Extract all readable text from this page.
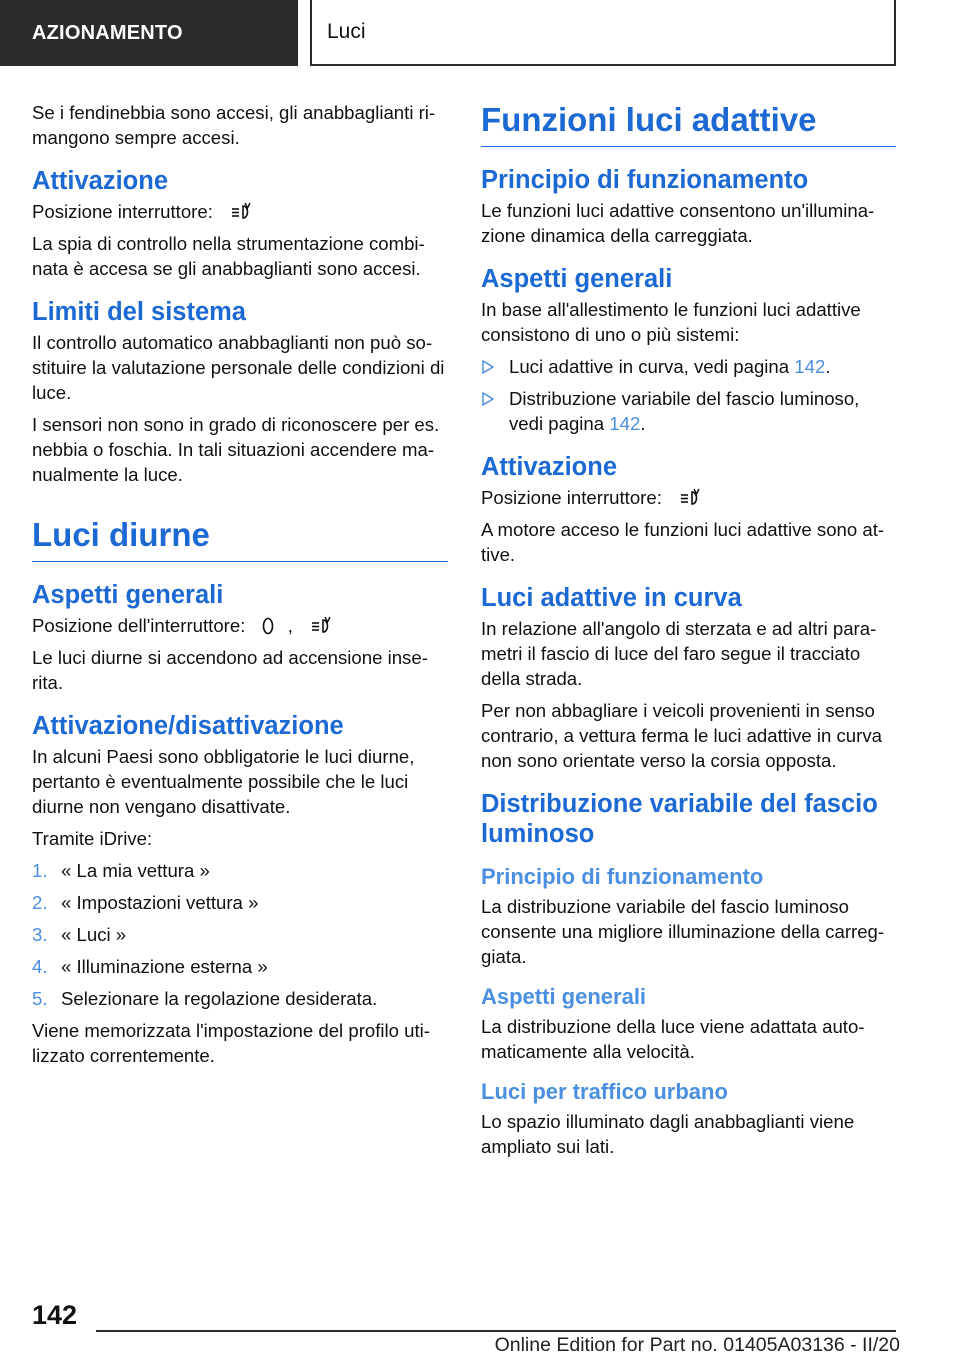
AZIONAMENTO	Luci

Se i fendinebbia sono accesi, gli anabbaglianti ri-mangono sempre accesi.

Attivazione

Posizione interruttore:

La spia di controllo nella strumentazione combi-nata è accesa se gli anabbaglianti sono accesi.

Limiti del sistema

Il controllo automatico anabbaglianti non può so-stituire la valutazione personale delle condizioni di luce.

I sensori non sono in grado di riconoscere per es. nebbia o foschia. In tali situazioni accendere ma-nualmente la luce.

Luci diurne
Aspetti generali

Posizione dell'interruttore: ,

Le luci diurne si accendono ad accensione inse-rita.

Attivazione/disattivazione

In alcuni Paesi sono obbligatorie le luci diurne, pertanto è eventualmente possibile che le luci diurne non vengano disattivate.

Tramite iDrive:

1. « La mia vettura »
2. « Impostazioni vettura »
3. « Luci »
4. « Illuminazione esterna »
5. Selezionare la regolazione desiderata.

Viene memorizzata l'impostazione del profilo uti-lizzato correntemente.

Funzioni luci adattive
Principio di funzionamento

Le funzioni luci adattive consentono un'illumina-zione dinamica della carreggiata.

Aspetti generali

In base all'allestimento le funzioni luci adattive consistono di uno o più sistemi:

Luci adattive in curva, vedi pagina 142.
Distribuzione variabile del fascio luminoso, vedi pagina 142.
Attivazione

Posizione interruttore:

A motore acceso le funzioni luci adattive sono at-tive.

Luci adattive in curva

In relazione all'angolo di sterzata e ad altri para-metri il fascio di luce del faro segue il tracciato della strada.

Per non abbagliare i veicoli provenienti in senso contrario, a vettura ferma le luci adattive in curva non sono orientate verso la corsia opposta.

Distribuzione variabile del fascio luminoso
Principio di funzionamento

La distribuzione variabile del fascio luminoso consente una migliore illuminazione della carreg-giata.

Aspetti generali

La distribuzione della luce viene adattata auto-maticamente alla velocità.

Luci per traffico urbano

Lo spazio illuminato dagli anabbaglianti viene ampliato sui lati.

142
Online Edition for Part no. 01405A03136 - II/20
